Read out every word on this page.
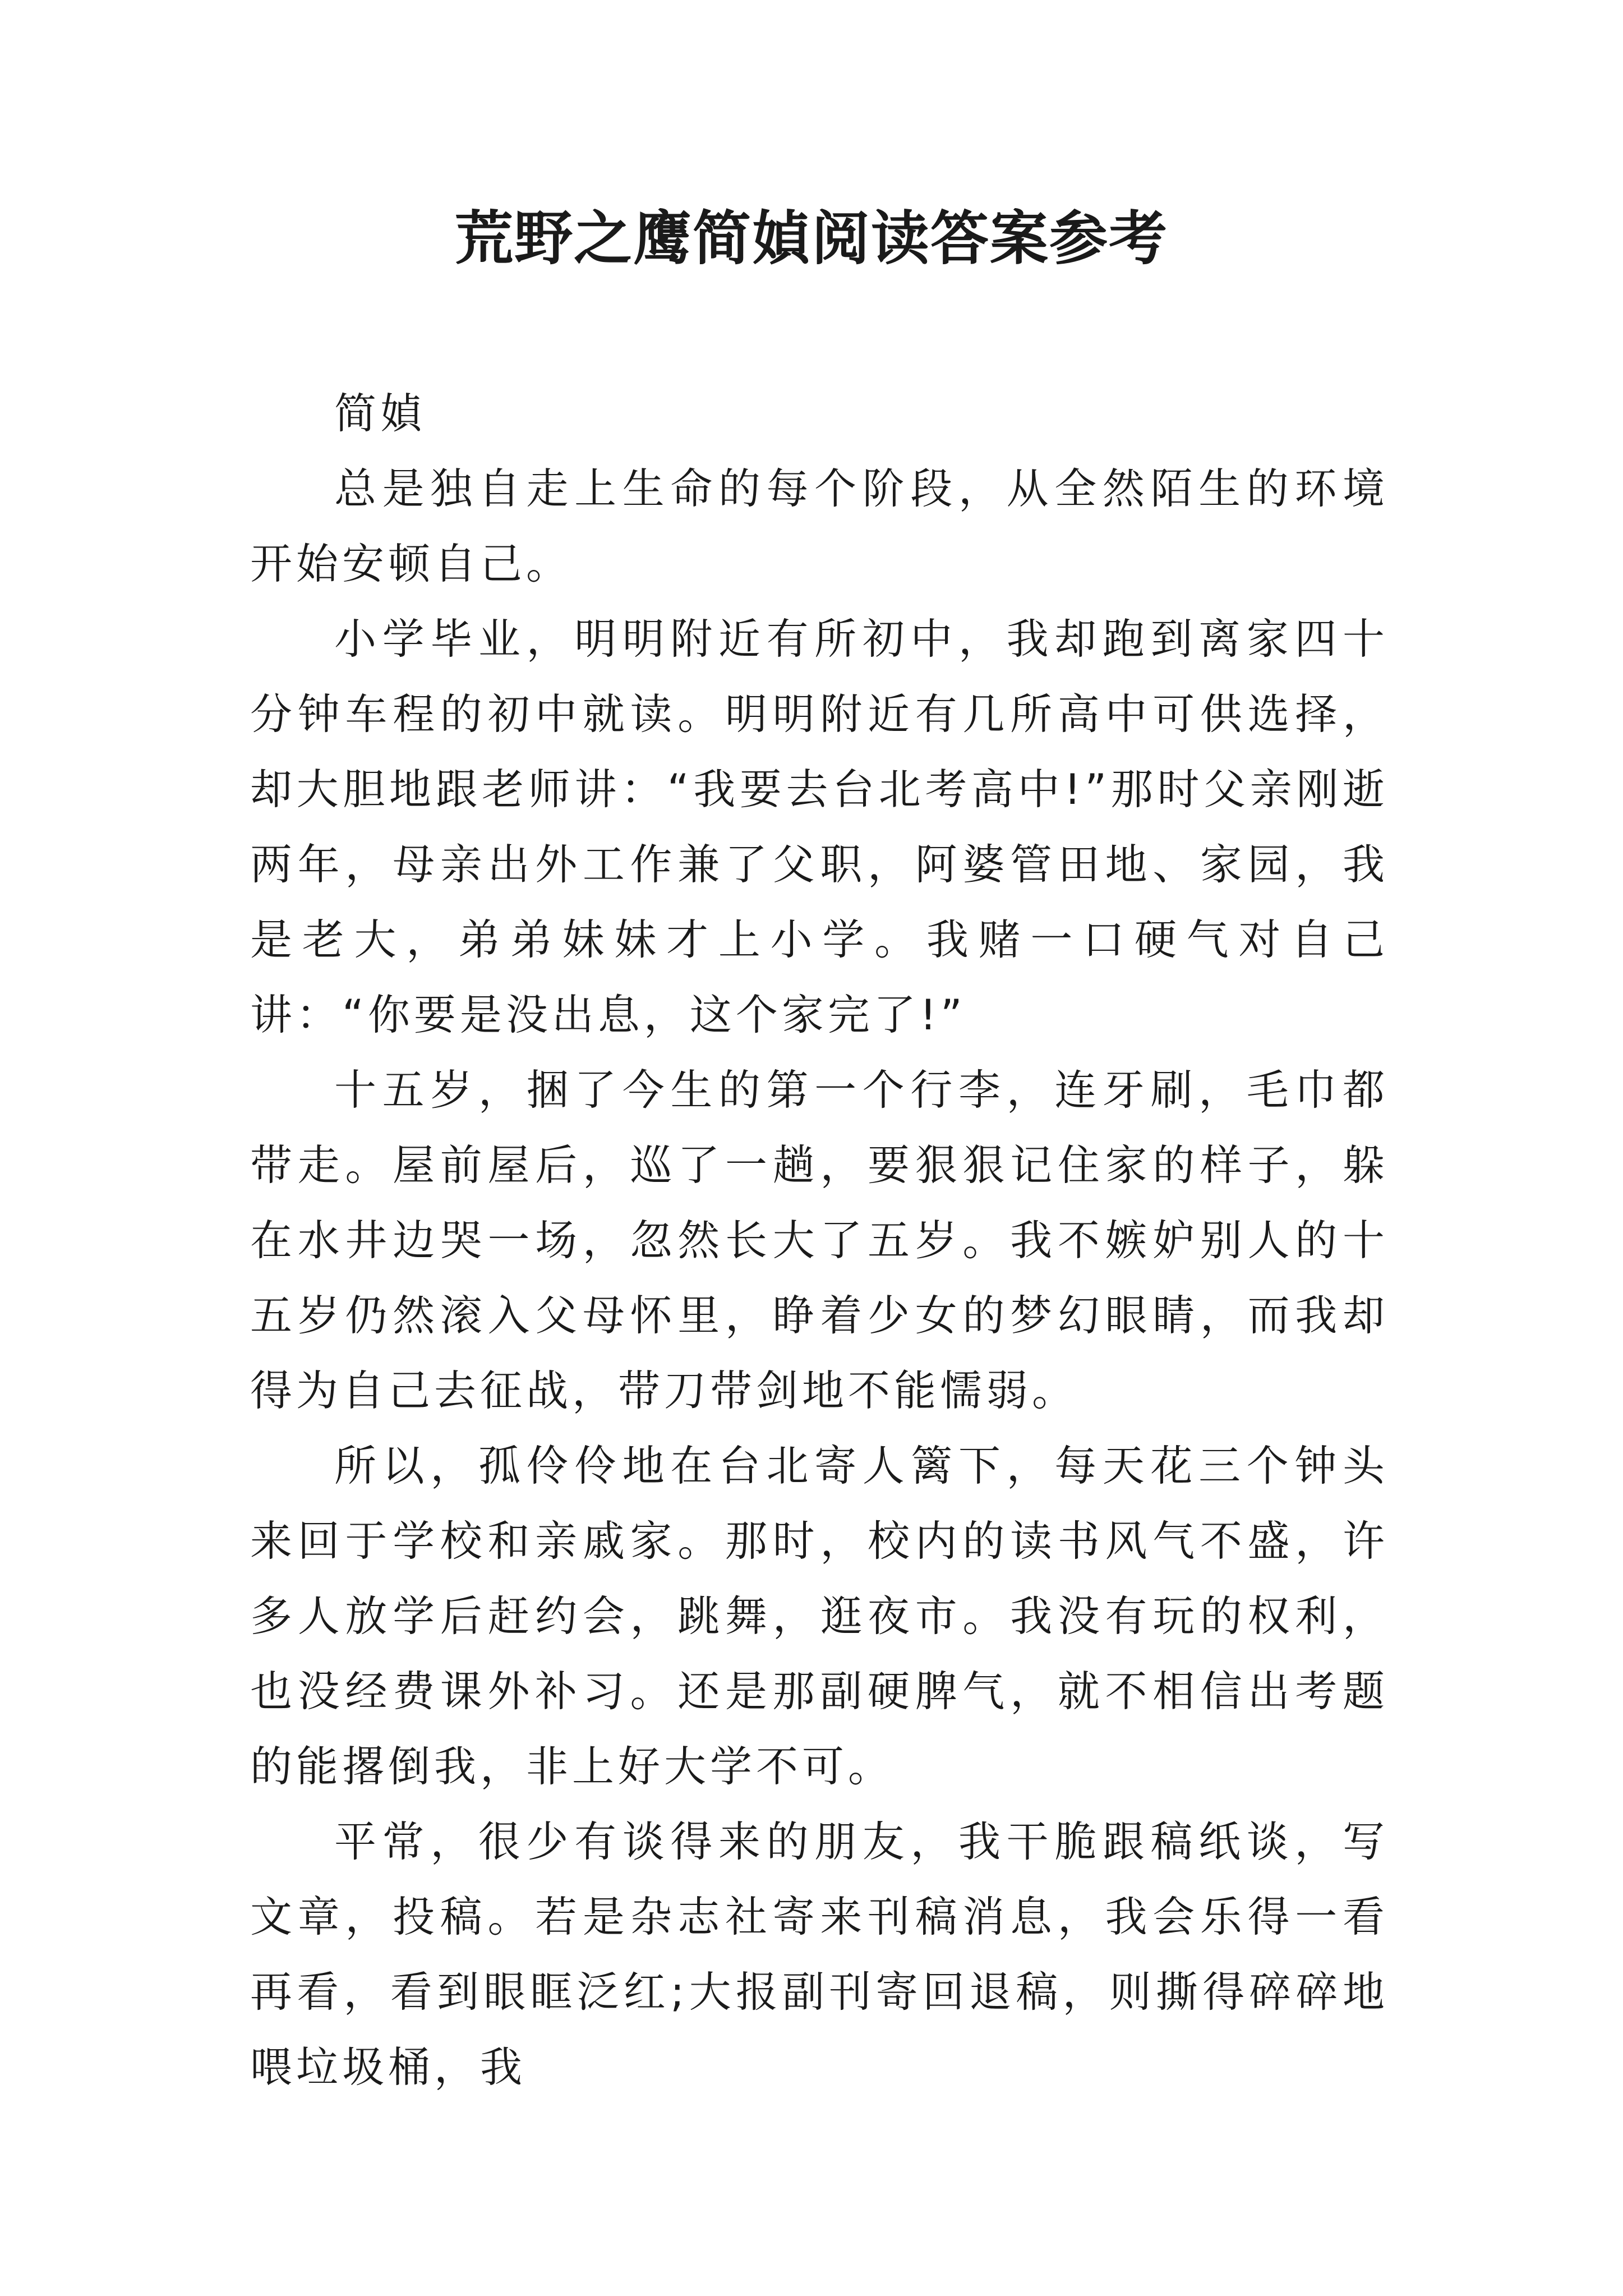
荒野之鹰简媜阅读答案参考

简媜

总是独自走上生命的每个阶段，从全然陌生的环境开始安顿自己。

小学毕业，明明附近有所初中，我却跑到离家四十分钟车程的初中就读。明明附近有几所高中可供选择，却大胆地跟老师讲：“我要去台北考高中!”那时父亲刚逝两年，母亲出外工作兼了父职，阿婆管田地、家园，我是老大，弟弟妹妹才上小学。我赌一口硬气对自己讲：“你要是没出息，这个家完了!”

十五岁，捆了今生的第一个行李，连牙刷，毛巾都带走。屋前屋后，巡了一趟，要狠狠记住家的样子，躲在水井边哭一场，忽然长大了五岁。我不嫉妒别人的十五岁仍然滚入父母怀里，睁着少女的梦幻眼睛，而我却得为自己去征战，带刀带剑地不能懦弱。

所以，孤伶伶地在台北寄人篱下，每天花三个钟头来回于学校和亲戚家。那时，校内的读书风气不盛，许多人放学后赶约会，跳舞，逛夜市。我没有玩的权利，也没经费课外补习。还是那副硬脾气，就不相信出考题的能撂倒我，非上好大学不可。

平常，很少有谈得来的朋友，我干脆跟稿纸谈，写文章，投稿。若是杂志社寄来刊稿消息，我会乐得一看再看，看到眼眶泛红;大报副刊寄回退稿，则撕得碎碎地喂垃圾桶，我
